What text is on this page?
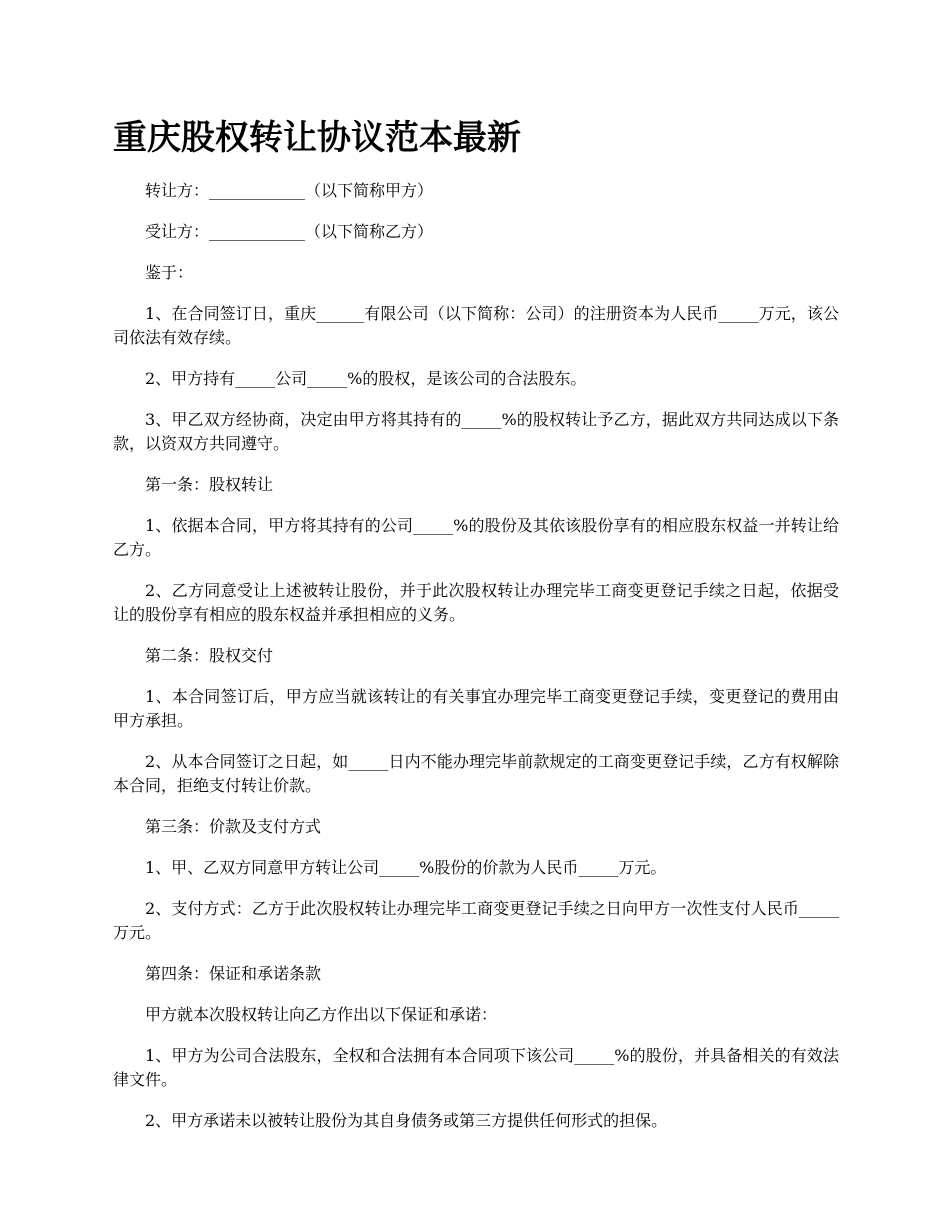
重庆股权转让协议范本最新

转让方：____________（以下简称甲方）

受让方：____________（以下简称乙方）

鉴于：

1、在合同签订日，重庆______有限公司（以下简称：公司）的注册资本为人民币_____万元，该公司依法有效存续。

2、甲方持有_____公司_____%的股权，是该公司的合法股东。

3、甲乙双方经协商，决定由甲方将其持有的_____%的股权转让予乙方，据此双方共同达成以下条款，以资双方共同遵守。

第一条：股权转让

1、依据本合同，甲方将其持有的公司_____%的股份及其依该股份享有的相应股东权益一并转让给乙方。

2、乙方同意受让上述被转让股份，并于此次股权转让办理完毕工商变更登记手续之日起，依据受让的股份享有相应的股东权益并承担相应的义务。

第二条：股权交付

1、本合同签订后，甲方应当就该转让的有关事宜办理完毕工商变更登记手续，变更登记的费用由甲方承担。

2、从本合同签订之日起，如_____日内不能办理完毕前款规定的工商变更登记手续，乙方有权解除本合同，拒绝支付转让价款。

第三条：价款及支付方式

1、甲、乙双方同意甲方转让公司_____%股份的价款为人民币_____万元。

2、支付方式：乙方于此次股权转让办理完毕工商变更登记手续之日向甲方一次性支付人民币_____万元。

第四条：保证和承诺条款

甲方就本次股权转让向乙方作出以下保证和承诺：

1、甲方为公司合法股东，全权和合法拥有本合同项下该公司_____%的股份，并具备相关的有效法律文件。

2、甲方承诺未以被转让股份为其自身债务或第三方提供任何形式的担保。
